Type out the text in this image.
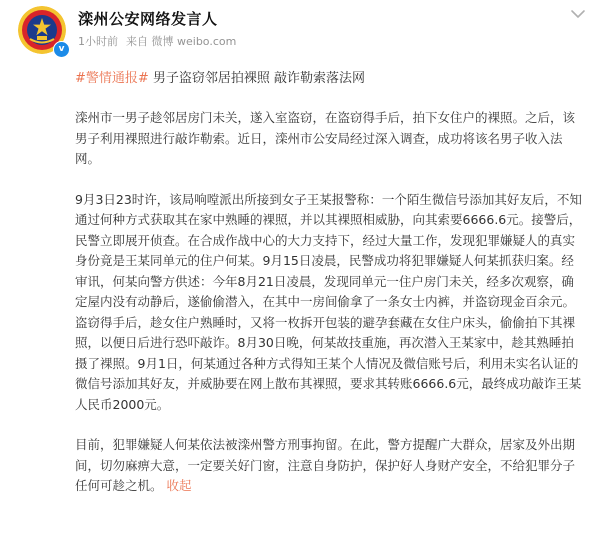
v
滦州公安网络发言人
1小时前 来自 微博 weibo.com
#警情通报# 男子盗窃邻居拍裸照 敲诈勒索落法网

滦州市一男子趁邻居房门未关，遂入室盗窃，在盗窃得手后，拍下女住户的裸照。之后，该男子利用裸照进行敲诈勒索。近日，滦州市公安局经过深入调查，成功将该名男子收入法网。

9月3日23时许，该局响嘡派出所接到女子王某报警称：一个陌生微信号添加其好友后，不知通过何种方式获取其在家中熟睡的裸照，并以其裸照相威胁，向其索要6666.6元。接警后，民警立即展开侦查。在合成作战中心的大力支持下，经过大量工作，发现犯罪嫌疑人的真实身份竟是王某同单元的住户何某。9月15日凌晨，民警成功将犯罪嫌疑人何某抓获归案。经审讯，何某向警方供述：今年8月21日凌晨，发现同单元一住户房门未关，经多次观察，确定屋内没有动静后，遂偷偷潜入，在其中一房间偷拿了一条女士内裤，并盗窃现金百余元。盗窃得手后，趁女住户熟睡时，又将一枚拆开包装的避孕套藏在女住户床头，偷偷拍下其裸照，以便日后进行恐吓敲诈。8月30日晚，何某故技重施，再次潜入王某家中，趁其熟睡拍摄了裸照。9月1日，何某通过各种方式得知王某个人情况及微信账号后，利用未实名认证的微信号添加其好友，并威胁要在网上散布其裸照，要求其转账6666.6元，最终成功敲诈王某人民币2000元。

目前，犯罪嫌疑人何某依法被滦州警方刑事拘留。在此，警方提醒广大群众，居家及外出期间，切勿麻痹大意，一定要关好门窗，注意自身防护，保护好人身财产安全，不给犯罪分子任何可趁之机。 收起
